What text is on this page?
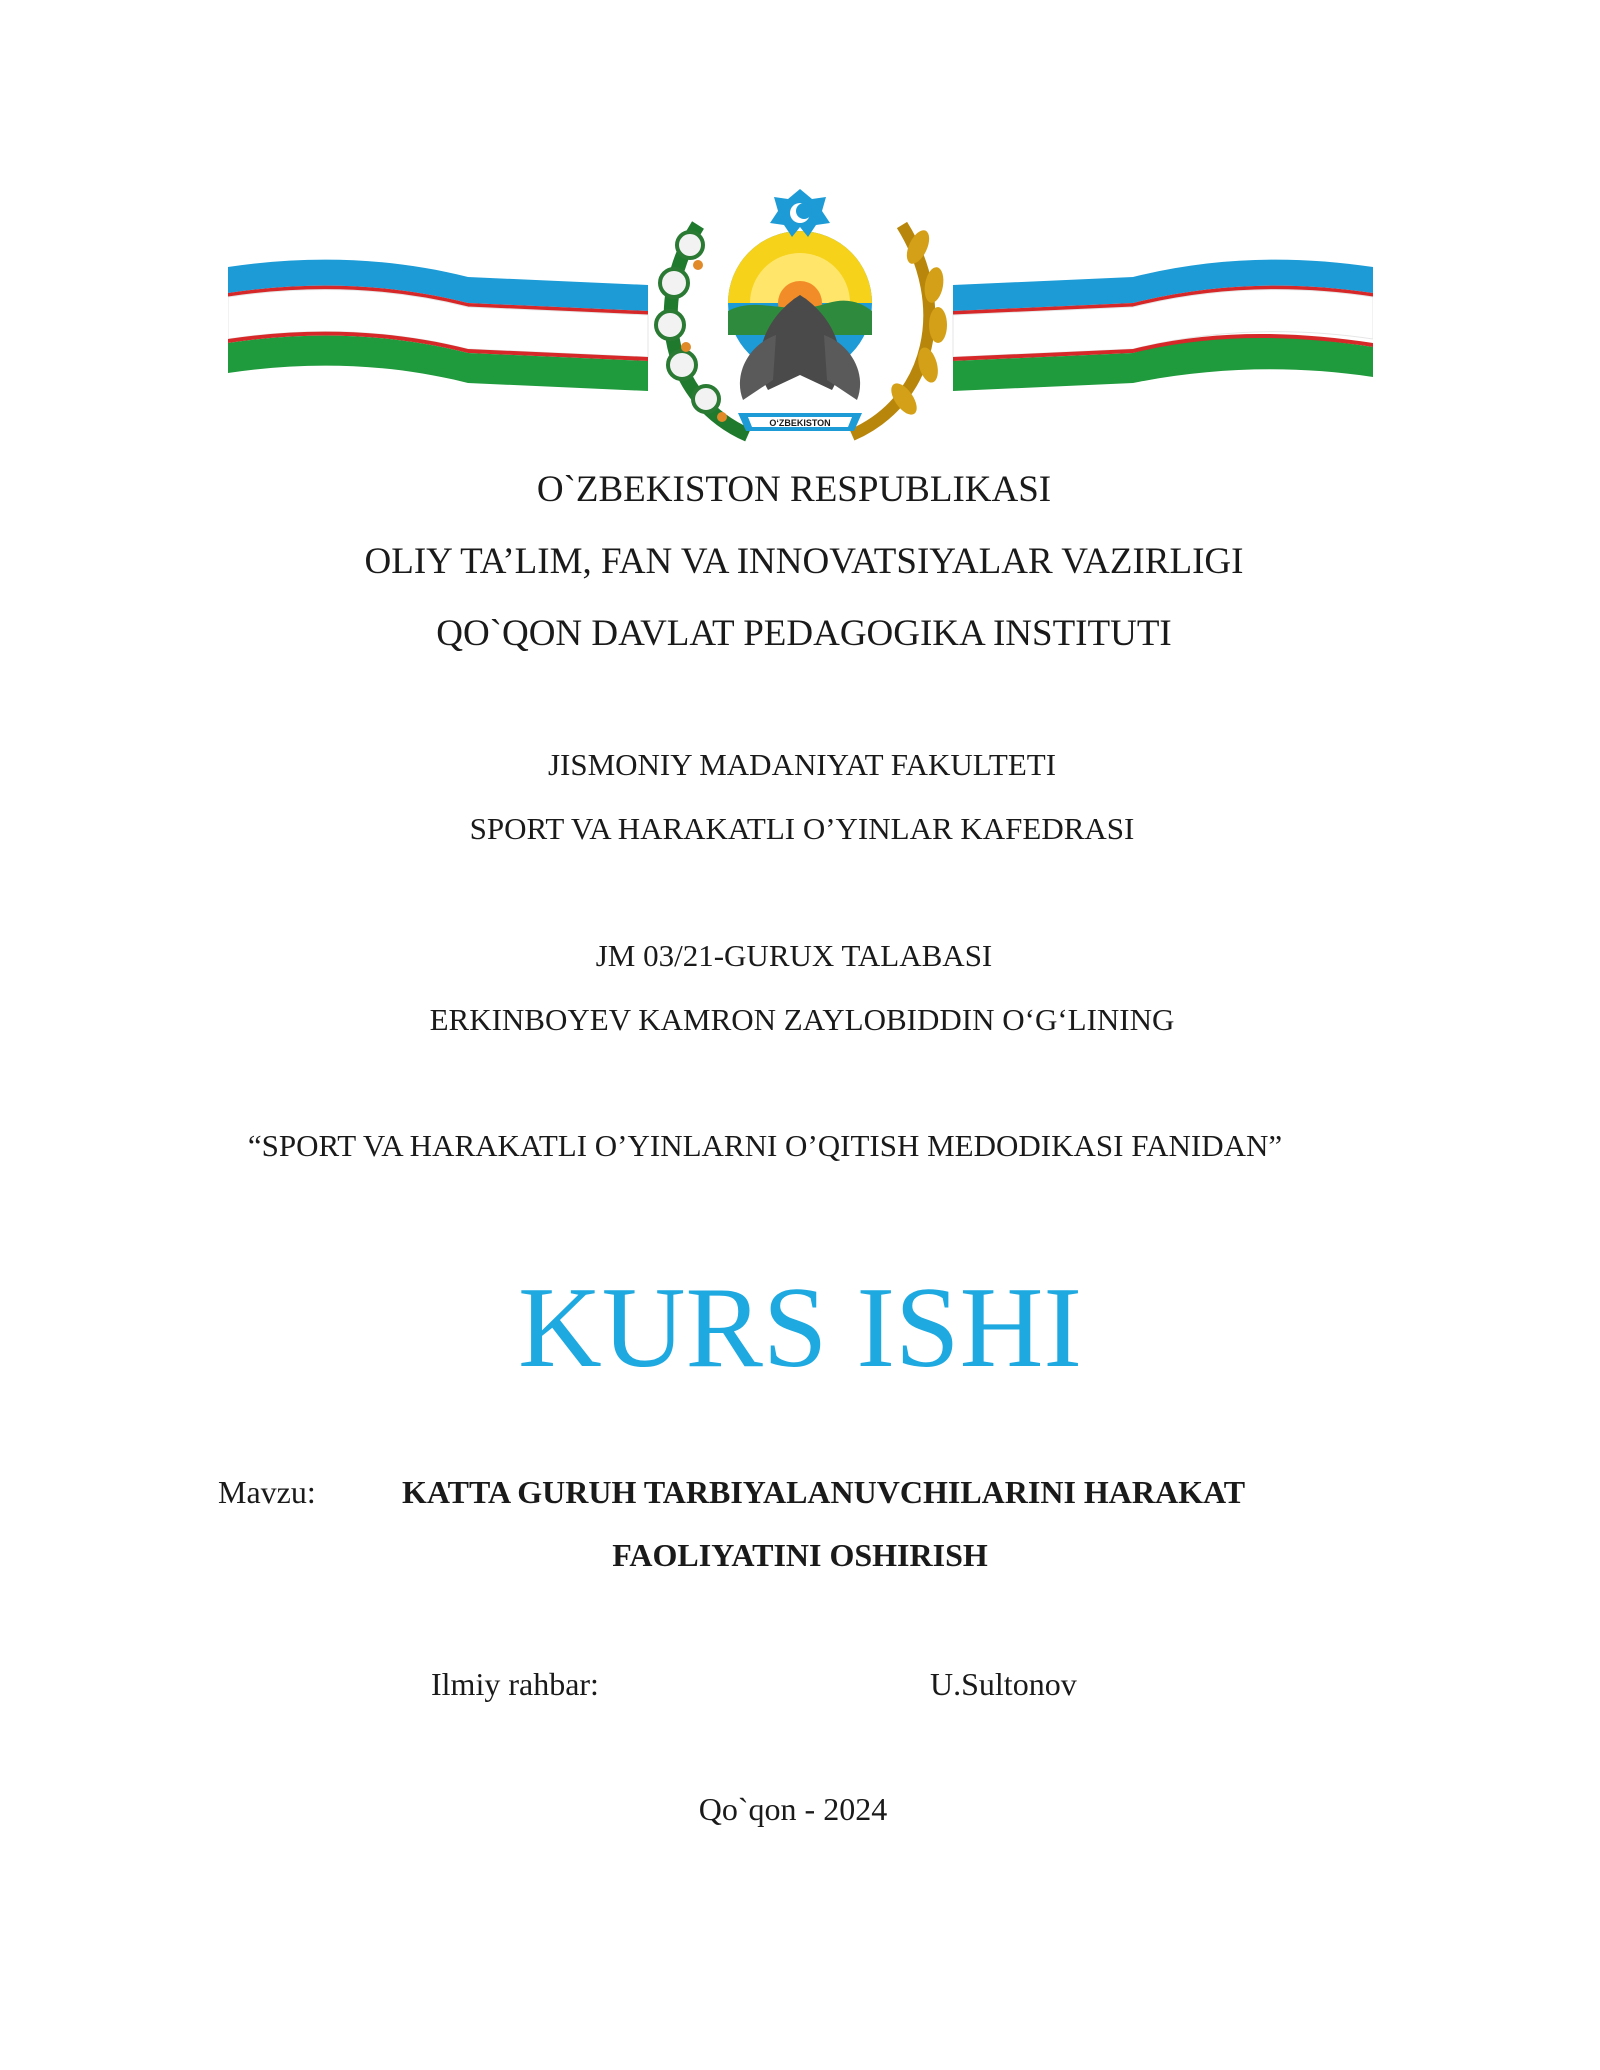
O‘ZBEKISTON
O`ZBEKISTON RESPUBLIKASI
OLIY TA’LIM, FAN VA INNOVATSIYALAR VAZIRLIGI
QO`QON DAVLAT PEDAGOGIKA INSTITUTI
JISMONIY MADANIYAT FAKULTETI
SPORT VA HARAKATLI O’YINLAR KAFEDRASI
JM 03/21-GURUX TALABASI
ERKINBOYEV KAMRON ZAYLOBIDDIN O‘G‘LINING
“SPORT VA HARAKATLI O’YINLARNI O’QITISH MEDODIKASI FANIDAN”
KURS ISHI
Mavzu:	KATTA GURUH TARBIYALANUVCHILARINI HARAKAT
FAOLIYATINI OSHIRISH
Ilmiy rahbar:	U.Sultonov
Qo`qon - 2024
